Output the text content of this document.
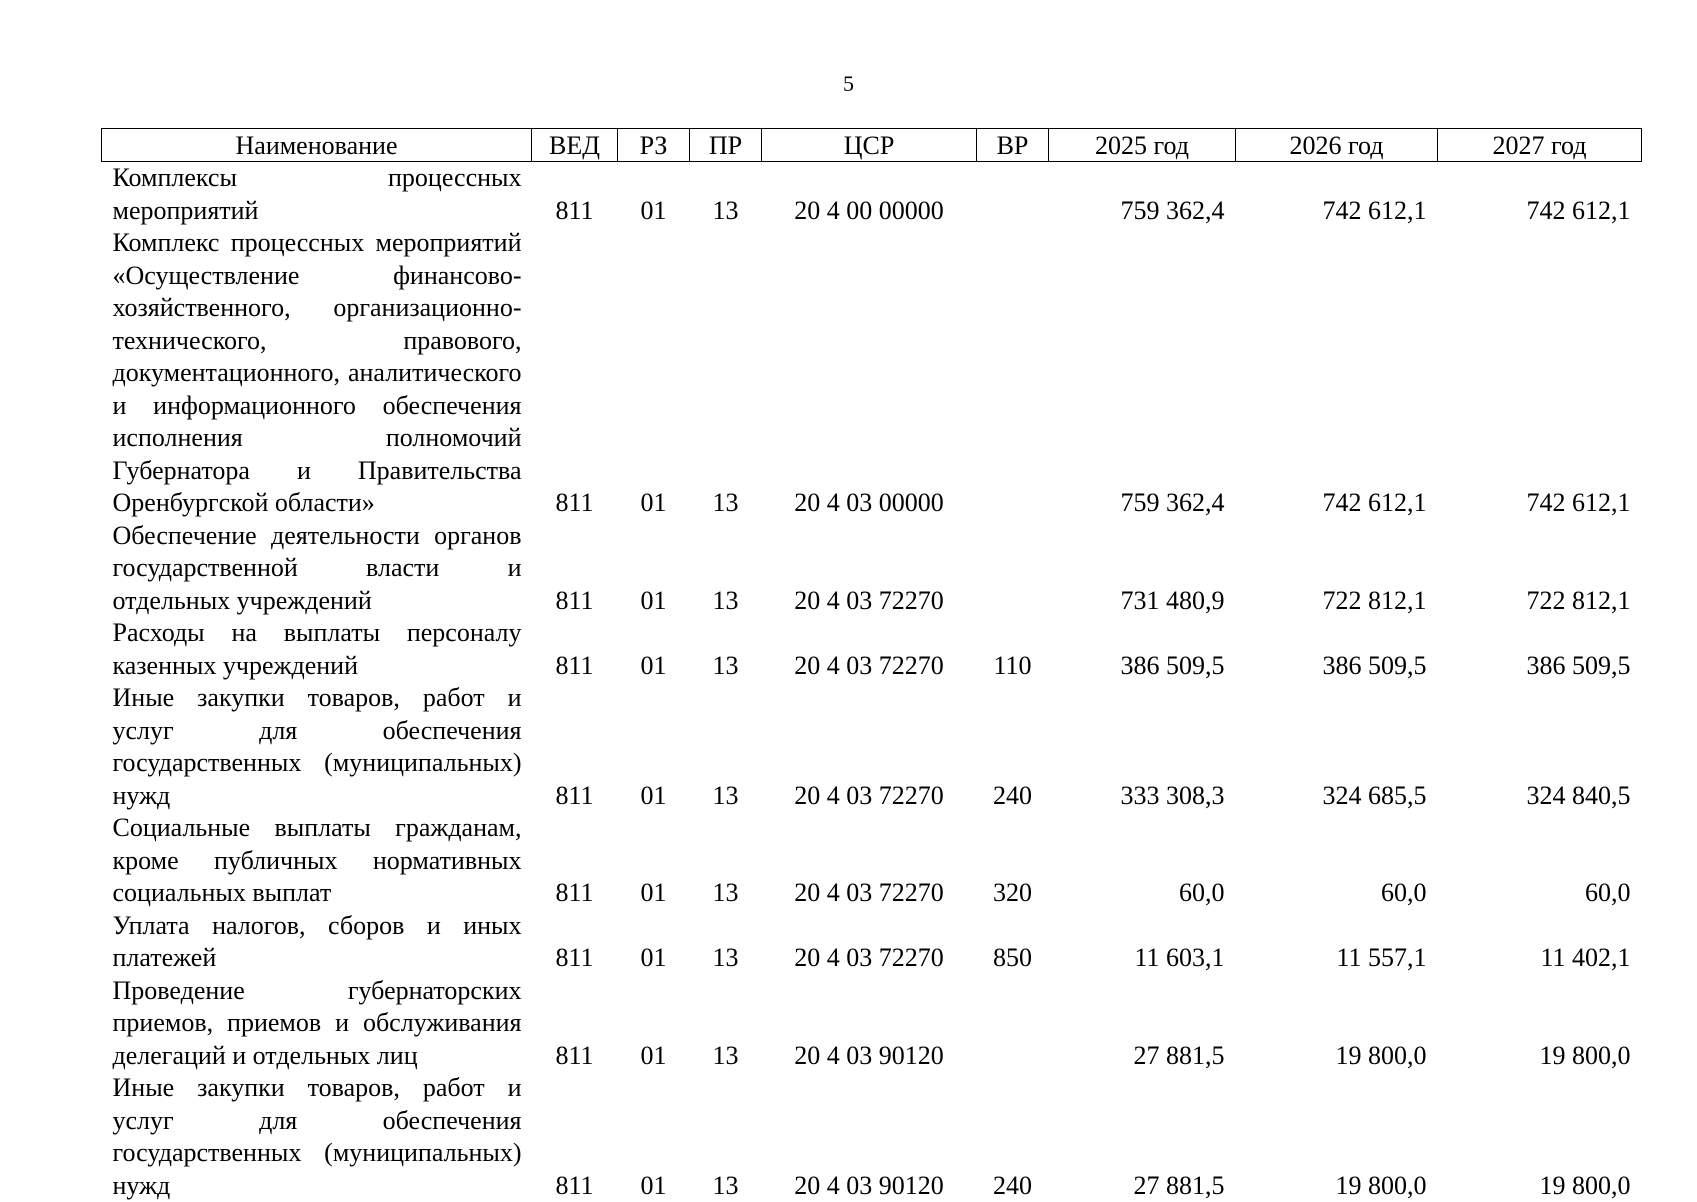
5
Наименование	ВЕД	РЗ	ПР	ЦСР	ВР	2025 год	2026 год	2027 год
Комплексы процессных мероприятий	811	01	13	20 4 00 00000		759 362,4	742 612,1	742 612,1
Комплекс процессных мероприятий «Осуществление финансово-хозяйственного, организационно-технического, правового, документационного, аналитического и информационного обеспечения исполнения полномочий Губернатора и Правительства Оренбургской области»	811	01	13	20 4 03 00000		759 362,4	742 612,1	742 612,1
Обеспечение деятельности органов государственной власти и отдельных учреждений	811	01	13	20 4 03 72270		731 480,9	722 812,1	722 812,1
Расходы на выплаты персоналу казенных учреждений	811	01	13	20 4 03 72270	110	386 509,5	386 509,5	386 509,5
Иные закупки товаров, работ и услуг для обеспечения государственных (муниципальных) нужд	811	01	13	20 4 03 72270	240	333 308,3	324 685,5	324 840,5
Социальные выплаты гражданам, кроме публичных нормативных социальных выплат	811	01	13	20 4 03 72270	320	60,0	60,0	60,0
Уплата налогов, сборов и иных платежей	811	01	13	20 4 03 72270	850	11 603,1	11 557,1	11 402,1
Проведение губернаторских приемов, приемов и обслуживания делегаций и отдельных лиц	811	01	13	20 4 03 90120		27 881,5	19 800,0	19 800,0
Иные закупки товаров, работ и услуг для обеспечения государственных (муниципальных) нужд	811	01	13	20 4 03 90120	240	27 881,5	19 800,0	19 800,0
